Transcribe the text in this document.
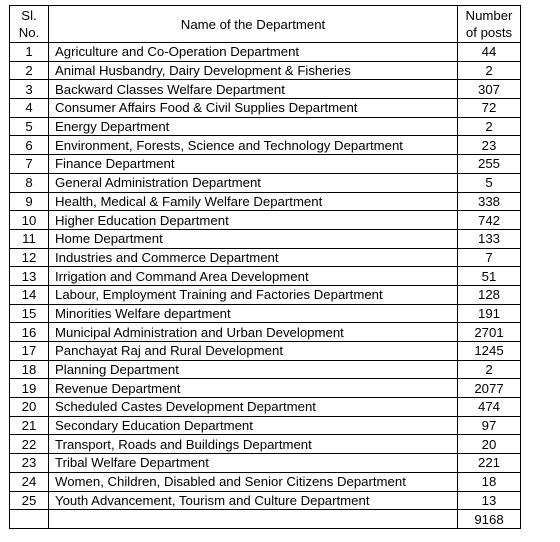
Sl.
No.	Name of the Department	Number
of posts
1	Agriculture and Co-Operation Department	44
2	Animal Husbandry, Dairy Development & Fisheries	2
3	Backward Classes Welfare Department	307
4	Consumer Affairs Food & Civil Supplies Department	72
5	Energy Department	2
6	Environment, Forests, Science and Technology Department	23
7	Finance Department	255
8	General Administration Department	5
9	Health, Medical & Family Welfare Department	338
10	Higher Education Department	742
11	Home Department	133
12	Industries and Commerce Department	7
13	Irrigation and Command Area Development	51
14	Labour, Employment Training and Factories Department	128
15	Minorities Welfare department	191
16	Municipal Administration and Urban Development	2701
17	Panchayat Raj and Rural Development	1245
18	Planning Department	2
19	Revenue Department	2077
20	Scheduled Castes Development Department	474
21	Secondary Education Department	97
22	Transport, Roads and Buildings Department	20
23	Tribal Welfare Department	221
24	Women, Children, Disabled and Senior Citizens Department	18
25	Youth Advancement, Tourism and Culture Department	13
		9168
